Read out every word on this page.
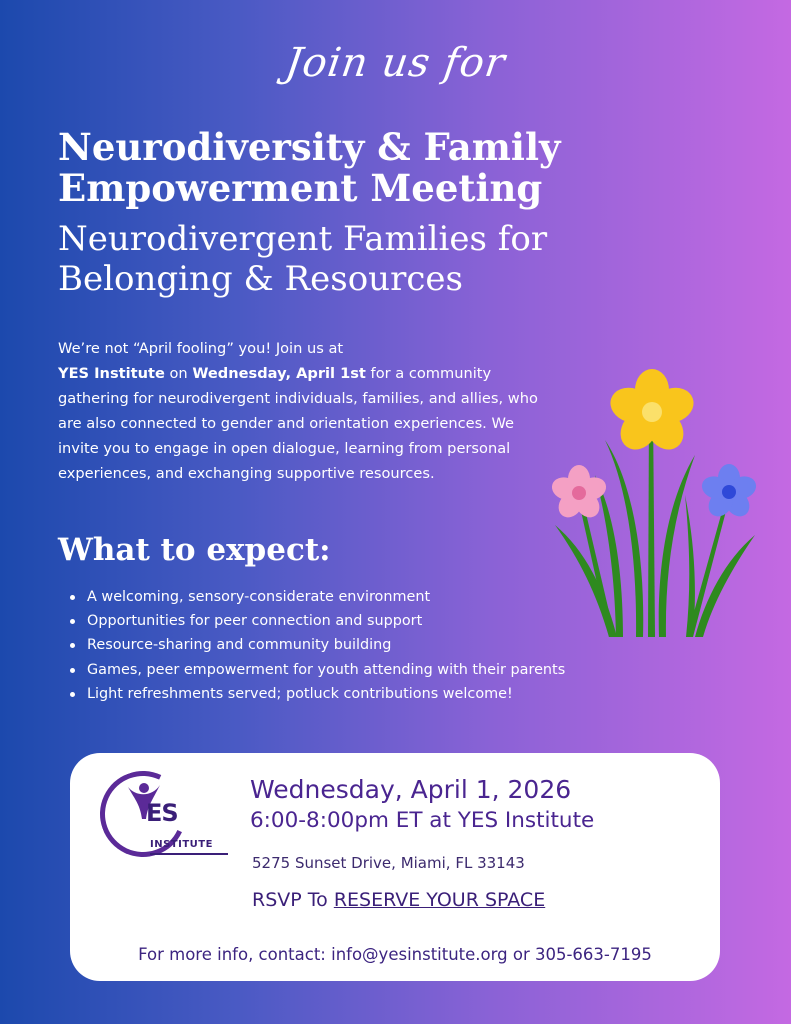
Join us for
Neurodiversity & Family
Empowerment Meeting
Neurodivergent Families for
Belonging & Resources

We’re not “April fooling” you! Join us at
YES Institute on Wednesday, April 1st for a community gathering for neurodivergent individuals, families, and allies, who are also connected to gender and orientation experiences. We invite you to engage in open dialogue, learning from personal experiences, and exchanging supportive resources.

What to expect:
A welcoming, sensory-considerate environment
Opportunities for peer connection and support
Resource-sharing and community building
Games, peer empowerment for youth attending with their parents
Light refreshments served; potluck contributions welcome!
ES
INSTITUTE
Wednesday, April 1, 2026
6:00-8:00pm ET at YES Institute
5275 Sunset Drive, Miami, FL 33143
RSVP To RESERVE YOUR SPACE
For more info, contact: info@yesinstitute.org or 305-663-7195
